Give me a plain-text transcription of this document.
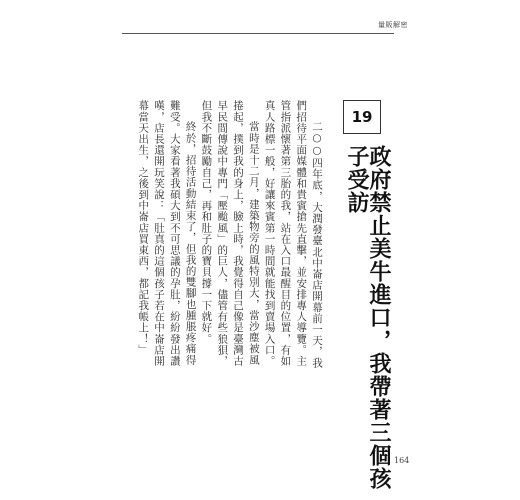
量販解密
19
政府禁止美牛進口，我帶著三個孩子受訪

二○○四年底，大潤發臺北中崙店開幕前一天，我們招待平面媒體和貴賓搶先直擊，並安排專人導覽。主管指派懷著第三胎的我，站在入口最醒目的位置，有如真人路標一般，好讓來賓第一時間就能找到賣場入口。

當時是十二月，建築物旁的風特別大，當沙塵被風捲起，撲到我的身上，臉上時，我覺得自己像是臺灣古早民間傳說中專門「壓颱風」的巨人，儘管有些狼狽，但我不斷鼓勵自己，再和肚子的寶貝撐一下就好。

終於，招待活動結束了，但我的雙腳也腫脹疼痛得難受。大家看著我碩大到不可思議的孕肚，紛紛發出讚嘆，店長還開玩笑說：「肚真的這個孩子若在中崙店開幕當天出生，之後到中崙店買東西，都記我帳上！」

164
